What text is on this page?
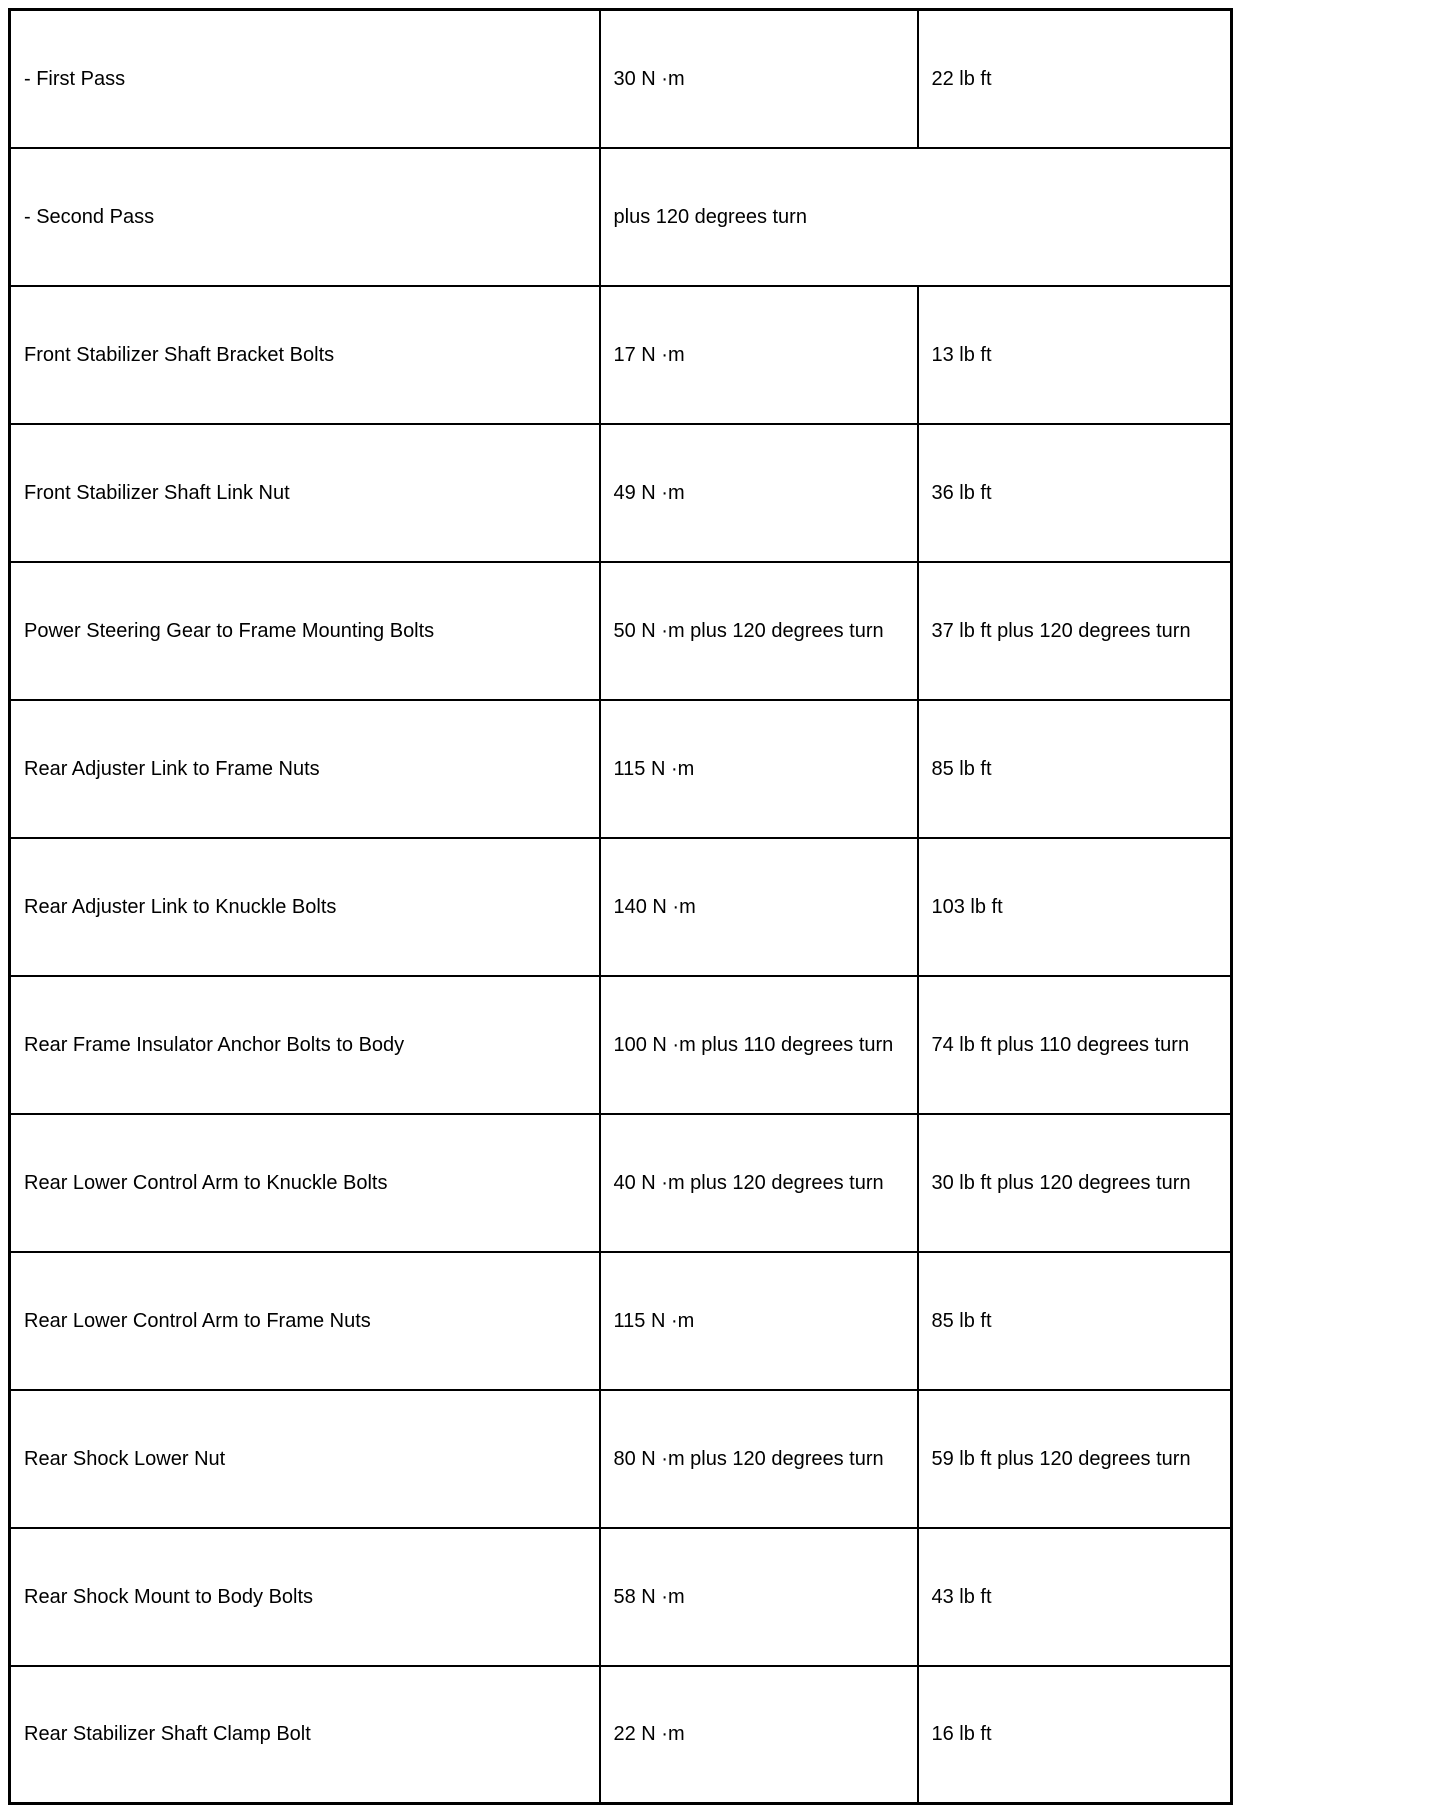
- First Pass	30 N ·m	22 lb ft
- Second Pass	plus 120 degrees turn	
Front Stabilizer Shaft Bracket Bolts	17 N ·m	13 lb ft
Front Stabilizer Shaft Link Nut	49 N ·m	36 lb ft
Power Steering Gear to Frame Mounting Bolts	50 N ·m plus 120 degrees turn	37 lb ft plus 120 degrees turn
Rear Adjuster Link to Frame Nuts	115 N ·m	85 lb ft
Rear Adjuster Link to Knuckle Bolts	140 N ·m	103 lb ft
Rear Frame Insulator Anchor Bolts to Body	100 N ·m plus 110 degrees turn	74 lb ft plus 110 degrees turn
Rear Lower Control Arm to Knuckle Bolts	40 N ·m plus 120 degrees turn	30 lb ft plus 120 degrees turn
Rear Lower Control Arm to Frame Nuts	115 N ·m	85 lb ft
Rear Shock Lower Nut	80 N ·m plus 120 degrees turn	59 lb ft plus 120 degrees turn
Rear Shock Mount to Body Bolts	58 N ·m	43 lb ft
Rear Stabilizer Shaft Clamp Bolt	22 N ·m	16 lb ft
